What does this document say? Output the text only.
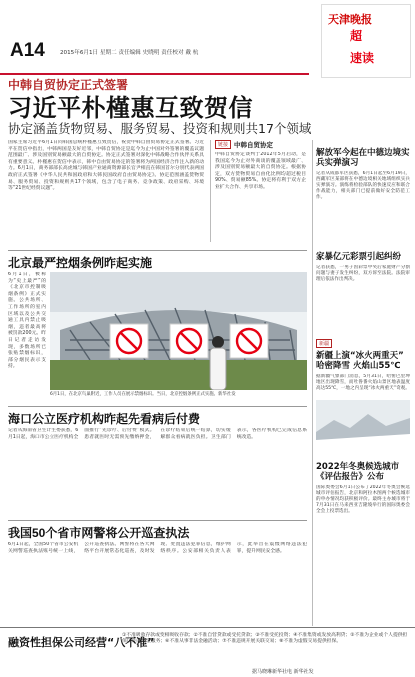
A14	2015年6月1日 星期二 责任编辑 史晓明 责任校对 戴 杭
天津晚报
超
速读
中韩自贸协定正式签署
习近平朴槿惠互致贺信
协定涵盖货物贸易、服务贸易、投资和规则共17个领域
国家主席习近平6月1日同韩国总统朴槿惠互致贺信，祝贺中韩自由贸易协定正式签署。习近平在贺信中指出，中韩两国是友好近邻，中韩自贸协定是迄今为止中国对外签署的覆盖议题范围最广、涉及国别贸易额最大的自贸协定。协定正式签署对深化中韩战略合作伙伴关系具有重要意义。朴槿惠在贺信中表示，韩中自由贸易协定的签署将为两国经济合作注入新的动力。6月1日，商务部部长高虎城与韩国产业通商资源部长官尹相直在韩国首尔分别代表两国政府正式签署《中华人民共和国政府和大韩民国政府自由贸易协定》。协定范围涵盖货物贸易、服务贸易、投资和规则共17个领域，包含了电子商务、竞争政策、政府采购、环境等“21世纪经贸议题”。
链接 中韩自贸协定
中韩自贸协定谈判于2012年5月启动，是我国迄今为止对外商谈的覆盖领域最广、涉及国别贸易额最大的自贸协定。根据协定，双方货物贸易自由化比例均超过税目90%、贸易额85%。协定将有利于双方企业扩大合作、共享市场。
北京最严控烟条例昨起实施
6月1日，被称为“史上最严”的《北京市控制吸烟条例》正式实施。公共场所、工作场所的室内区域以及公共交通工具内禁止吸烟，违者最高将被罚款200元。昨日记者走访发现，多数场所已张贴禁烟标识，部分烟民表示支持。
6月1日，在北京鸟巢附近，工作人员在展示禁烟标识。当日，北京控烟条例正式实施。新华社发
海口公立医疗机构昨起先看病后付费
记者从海南省卫生计生委获悉，6月1日起，海口市公立医疗机构全面推行“先诊疗、后付费”模式。患者就医时无需预先缴纳押金，在诊疗结束后统一结算，切实缓解群众看病就医负担。卫生部门表示，各医疗机构已完成信息系统改造。
我国50个省市网警将公开巡查执法
6月1日起，全国50个省市公安机关网警巡查执法账号统一上线，公开巡查执法。网警将在各大网络平台开展常态化巡查，及时发现、处置违法犯罪信息，维护网络秩序。公安部相关负责人表示，此举旨在震慑网络违法犯罪，提升网民安全感。
解放军今起在中德边境实兵实弹演习
记者从成都军区获悉，6月1日起至6月19日，西藏军区某部将在中德边境相关地域组织实兵实弹演习。演练将检验部队的快速反应和联合作战能力，相关部门已提前做好安全防范工作。
家暴亿元彩票引起纠纷
记者获悉，一男子因彩票中奖后家庭财产分割问题与妻子发生纠纷，双方诉至法院。法院审理后依法作出判决。
新疆
新疆上演“冰火两重天” 哈密降雪 火焰山55℃
据新疆气象部门消息，5月31日，哈密巴里坤地区出现降雪，而吐鲁番火焰山景区地表温度高达55℃，一地之内呈现“冰火两重天”奇观。
2022年冬奥候选城市《评估报告》公布
国际奥委会6月1日公布了2022年冬奥会候选城市评估报告，北京和阿拉木图两个候选城市的申办情况均获积极评价。最终主办城市将于7月31日在马来西亚吉隆坡举行的国际奥委会全会上投票选出。
融资性担保公司经营“八不准”
①不准吸收存款或变相吸收存款；②不准自营贷款或受托贷款；③不准受托投资；④不准集资或发放高利贷；⑤不准为企业或个人提供担保以外的资金服务；⑥不准从事非法金融活动；⑦不准违规开展关联交易；⑧不准为虚假交易提供担保。
据马晓琳新华社电 新华社发
